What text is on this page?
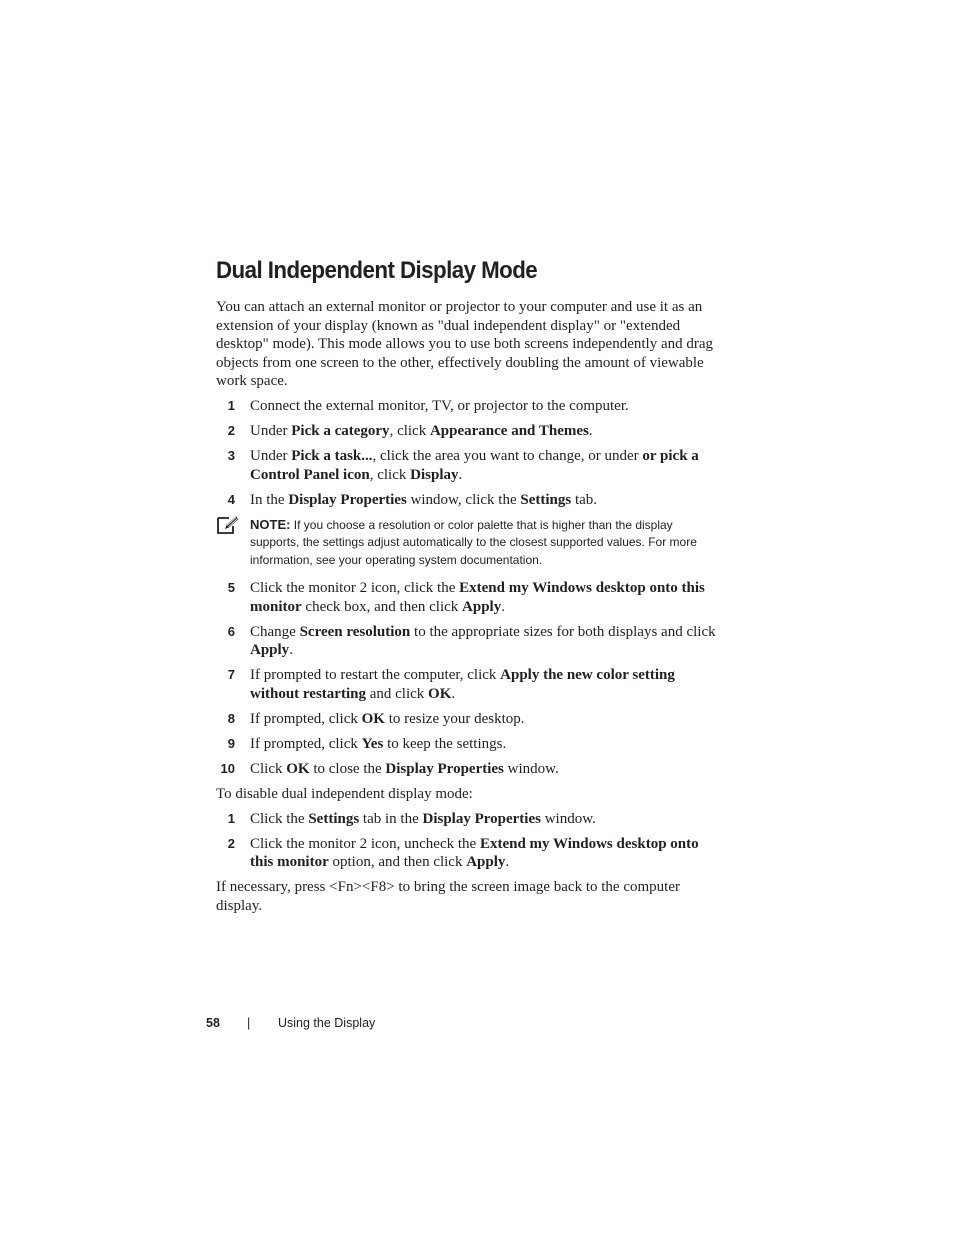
Dual Independent Display Mode

You can attach an external monitor or projector to your computer and use it as an extension of your display (known as "dual independent display" or "extended desktop" mode). This mode allows you to use both screens independently and drag objects from one screen to the other, effectively doubling the amount of viewable work space.

1 Connect the external monitor, TV, or projector to the computer.
2 Under Pick a category, click Appearance and Themes.
3 Under Pick a task..., click the area you want to change, or under or pick a Control Panel icon, click Display.
4 In the Display Properties window, click the Settings tab.
NOTE: If you choose a resolution or color palette that is higher than the display supports, the settings adjust automatically to the closest supported values. For more information, see your operating system documentation.
5 Click the monitor 2 icon, click the Extend my Windows desktop onto this monitor check box, and then click Apply.
6 Change Screen resolution to the appropriate sizes for both displays and click Apply.
7 If prompted to restart the computer, click Apply the new color setting without restarting and click OK.
8 If prompted, click OK to resize your desktop.
9 If prompted, click Yes to keep the settings.
10 Click OK to close the Display Properties window.

To disable dual independent display mode:

1 Click the Settings tab in the Display Properties window.
2 Click the monitor 2 icon, uncheck the Extend my Windows desktop onto this monitor option, and then click Apply.

If necessary, press <Fn><F8> to bring the screen image back to the computer display.

58 | Using the Display
